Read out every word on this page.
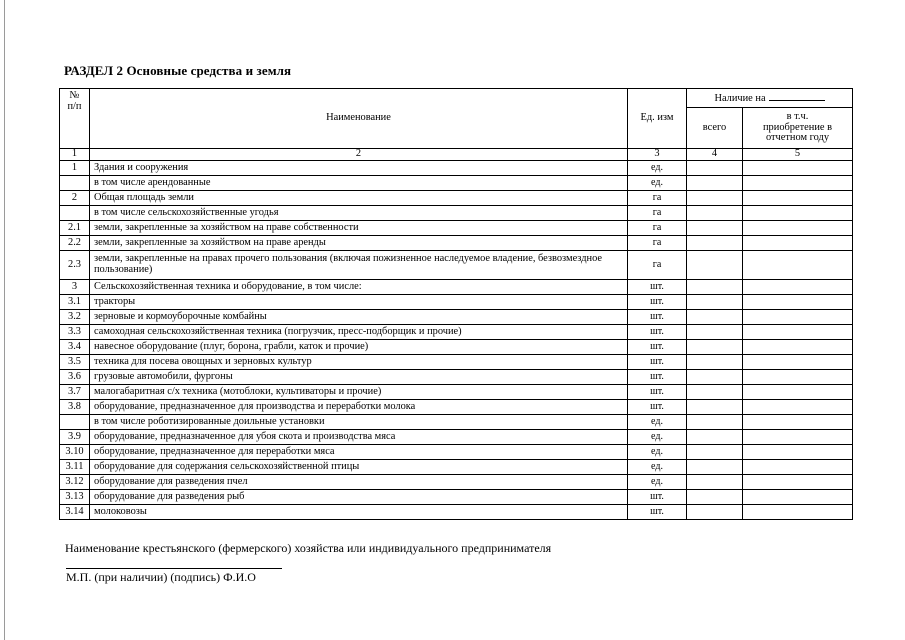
РАЗДЕЛ 2 Основные средства и земля
№
п/п	Наименование	Ед. изм	Наличие на	
			всего	в т.ч.
приобретение в
отчетном году
1	2	3	4	5
1	Здания и сооружения	ед.		
	в том числе арендованные	ед.		
2	Общая площадь земли	га		
	в том числе сельскохозяйственные угодья	га		
2.1	земли, закрепленные за хозяйством на праве собственности	га		
2.2	земли, закрепленные за хозяйством на праве аренды	га		
2.3	земли, закрепленные на правах прочего пользования (включая пожизненное наследуемое владение, безвозмездное пользование)	га		
3	Сельскохозяйственная техника и оборудование, в том числе:	шт.		
3.1	тракторы	шт.		
3.2	зерновые и кормоуборочные комбайны	шт.		
3.3	самоходная сельскохозяйственная техника (погрузчик, пресс-подборщик и прочие)	шт.		
3.4	навесное оборудование (плуг, борона, грабли, каток и прочие)	шт.		
3.5	техника для посева овощных и зерновых культур	шт.		
3.6	грузовые автомобили, фургоны	шт.		
3.7	малогабаритная с/х техника (мотоблоки, культиваторы и прочие)	шт.		
3.8	оборудование, предназначенное для производства и переработки молока	шт.		
	в том числе роботизированные доильные установки	ед.		
3.9	оборудование, предназначенное для убоя скота и производства мяса	ед.		
3.10	оборудование, предназначенное для переработки мяса	ед.		
3.11	оборудование для содержания сельскохозяйственной птицы	ед.		
3.12	оборудование для разведения пчел	ед.		
3.13	оборудование для разведения рыб	шт.		
3.14	молоковозы	шт.		
Наименование крестьянского (фермерского) хозяйства или индивидуального предпринимателя
М.П. (при наличии) (подпись) Ф.И.О
